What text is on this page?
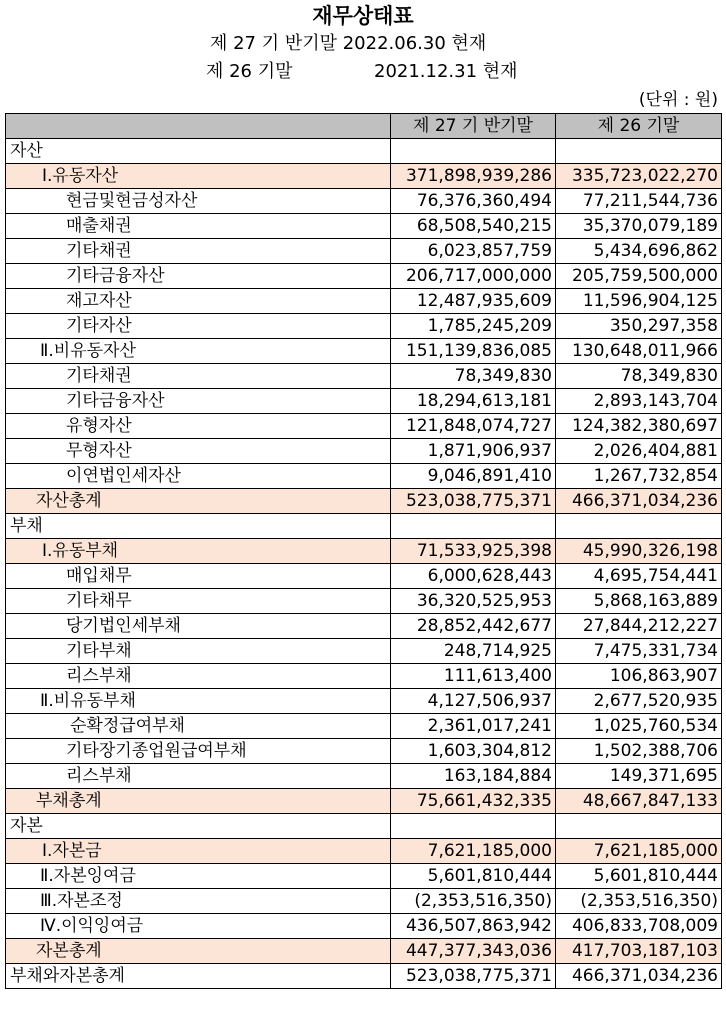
재무상태표
제 27 기 반기말 2022.06.30 현재
제 26 기말	2021.12.31 현재
(단위 : 원)
	제 27 기 반기말	제 26 기말
자산		
Ⅰ.유동자산	371,898,939,286	335,723,022,270
현금및현금성자산	76,376,360,494	77,211,544,736
매출채권	68,508,540,215	35,370,079,189
기타채권	6,023,857,759	5,434,696,862
기타금융자산	206,717,000,000	205,759,500,000
재고자산	12,487,935,609	11,596,904,125
기타자산	1,785,245,209	350,297,358
Ⅱ.비유동자산	151,139,836,085	130,648,011,966
기타채권	78,349,830	78,349,830
기타금융자산	18,294,613,181	2,893,143,704
유형자산	121,848,074,727	124,382,380,697
무형자산	1,871,906,937	2,026,404,881
이연법인세자산	9,046,891,410	1,267,732,854
자산총계	523,038,775,371	466,371,034,236
부채		
Ⅰ.유동부채	71,533,925,398	45,990,326,198
매입채무	6,000,628,443	4,695,754,441
기타채무	36,320,525,953	5,868,163,889
당기법인세부채	28,852,442,677	27,844,212,227
기타부채	248,714,925	7,475,331,734
리스부채	111,613,400	106,863,907
Ⅱ.비유동부채	4,127,506,937	2,677,520,935
순확정급여부채	2,361,017,241	1,025,760,534
기타장기종업원급여부채	1,603,304,812	1,502,388,706
리스부채	163,184,884	149,371,695
부채총계	75,661,432,335	48,667,847,133
자본		
Ⅰ.자본금	7,621,185,000	7,621,185,000
Ⅱ.자본잉여금	5,601,810,444	5,601,810,444
Ⅲ.자본조정	(2,353,516,350)	(2,353,516,350)
Ⅳ.이익잉여금	436,507,863,942	406,833,708,009
자본총계	447,377,343,036	417,703,187,103
부채와자본총계	523,038,775,371	466,371,034,236
